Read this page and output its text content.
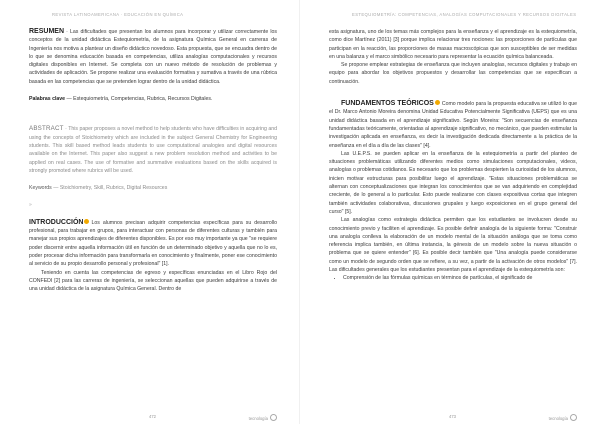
REVISTA LATINOAMERICANA · EDUCACIÓN EN QUÍMICA

RESUMEN · Las dificultades que presentan los alumnos para incorporar y utilizar correctamente los conceptos de la unidad didáctica Estequiometría, de la asignatura Química General en carreras de Ingeniería nos motiva a plantear un diseño didáctico novedoso. Esta propuesta, que se encuadra dentro de lo que se denomina educación basada en competencias, utiliza analogías computacionales y recursos digitales disponibles en Internet. Se completa con un nuevo método de resolución de problemas y actividades de aplicación. Se propone realizar una evaluación formativa y sumativa a través de una rúbrica basada en las competencias que se pretenden lograr dentro de la unidad didáctica.

Palabras clave — Estequiometría, Competencias, Rubrica, Recursos Digitales.

ABSTRACT · This paper proposes a novel method to help students who have difficulties in acquiring and using the concepts of Stoichiometry which are included in the subject General Chemistry for Engineering students. This skill based method leads students to use computational analogies and digital resources available on the Internet. This paper also suggest a new problem resolution method and activities to be applied on real cases. The use of formative and summative evaluations based on the skills acquired is strongly promoted where rubrics will be used.

Keywords — Stoichiometry, Skill, Rubrics, Digital Resources

»

INTRODUCCIÓN Los alumnos precisan adquirir competencias específicas para su desarrollo profesional, para trabajar en grupos, para interactuar con personas de diferentes culturas y también para manejar sus propios aprendizajes de diferentes disponibles. Es por eso muy importante ya que "se requiere poder discernir entre aquella información útil en función de un determinado objetivo y aquella que no lo es, poder procesar dicha información para transformarla en conocimiento y finalmente, poner ese conocimiento al servicio de su propio desarrollo personal y profesional" [1].

Teniendo en cuenta las competencias de egreso y específicas enunciadas en el Libro Rojo del CONFEDI [2] para las carreras de ingeniería, se seleccionan aquellas que pueden adquirirse a través de una unidad didáctica de la asignatura Química General. Dentro de

472	tecnología
ESTEQUIOMETRÍA: COMPETENCIAS, ANALOGÍAS COMPUTACIONALES Y RECURSOS DIGITALES

esta asignatura, uno de los temas más complejos para la enseñanza y el aprendizaje es la estequiometría, como dice Martínez (2011) [3] porque implica relacionar tres nociones: las proporciones de partículas que participan en la reacción, las proporciones de masas macroscópicas que son susceptibles de ser medidas en una balanza y el marco simbólico necesario para representar la ecuación química balanceada.

Se propone emplear estrategias de enseñanza que incluyen analogías, recursos digitales y trabajo en equipo para abordar los objetivos propuestos y desarrollar las competencias que se especifican a continuación.

FUNDAMENTOS TEÓRICOS Como modelo para la propuesta educativa se utilizó lo que el Dr. Marco Antonio Moreira denomina Unidad Educativa Potencialmente Significativa (UEPS) que es una unidad didáctica basada en el aprendizaje significativo. Según Moreira: "Son secuencias de enseñanza fundamentadas teóricamente, orientadas al aprendizaje significativo, no mecánico, que pueden estimular la investigación aplicada en enseñanza, es decir la investigación dedicada directamente a la práctica de la enseñanza en el día a día de las clases" [4].

Las U.E.P.S. se pueden aplicar en la enseñanza de la estequiometría a partir del planteo de situaciones problemáticas utilizando diferentes medios como simulaciones computacionales, videos, analogías o problemas cotidianos. Es necesario que los problemas despierten la curiosidad de los alumnos, inicien motivar estructuras para posibilitar luego el aprendizaje. "Estas situaciones problemáticas se alternan con conceptualizaciones que integran los conocimientos que se van adquiriendo en complejidad creciente, de lo general a lo particular. Esto puede realizarse con clases expositivas cortas que integren también actividades colaborativas, discusiones grupales y luego exposiciones en el grupo general del curso" [5].

Las analogías como estrategia didáctica permiten que los estudiantes se involucren desde su conocimiento previo y faciliten el aprendizaje. Es posible definir analogía de la siguiente forma: "Construir una analogía conlleva la elaboración de un modelo mental de la situación análoga que se toma como referencia implica también, en última instancia, la génesis de un modelo sobre la nueva situación o problema que se quiere entender" [6]. Es posible decir también que "Una analogía puede considerarse como un modelo de segundo orden que se refiere, a su vez, a partir de la activación de otros modelos" [7]. Las dificultades generales que los estudiantes presentan para el aprendizaje de la estequiometría son:

• Comprensión de las fórmulas químicas en términos de partículas, el significado de
473	tecnología
